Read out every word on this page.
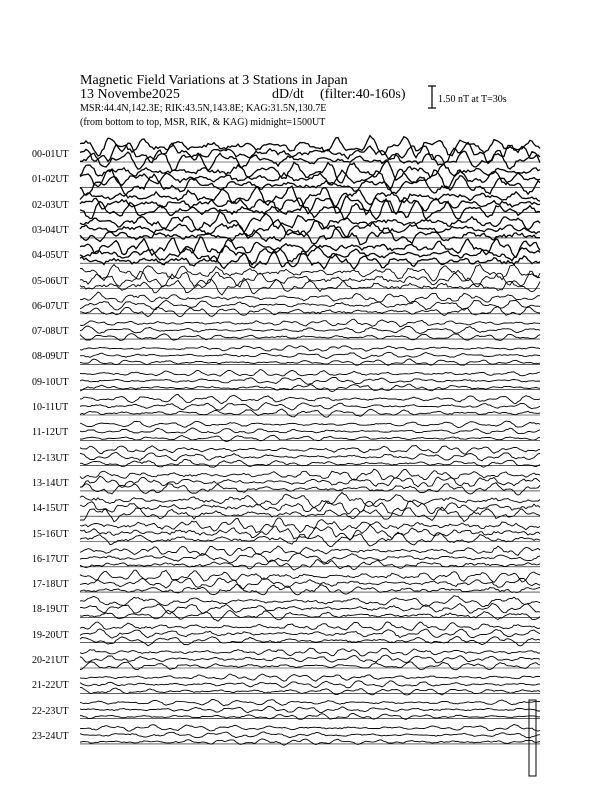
Magnetic Field Variations at 3 Stations in Japan
13 Novembe2025	dD/dt (filter:40-160s)
MSR:44.4N,142.3E; RIK:43.5N,143.8E; KAG:31.5N,130.7E
(from bottom to top, MSR, RIK, & KAG) midnight=1500UT
1.50 nT at T=30s
00-01UT
01-02UT
02-03UT
03-04UT
04-05UT
05-06UT
06-07UT
07-08UT
08-09UT
09-10UT
10-11UT
11-12UT
12-13UT
13-14UT
14-15UT
15-16UT
16-17UT
17-18UT
18-19UT
19-20UT
20-21UT
21-22UT
22-23UT
23-24UT
